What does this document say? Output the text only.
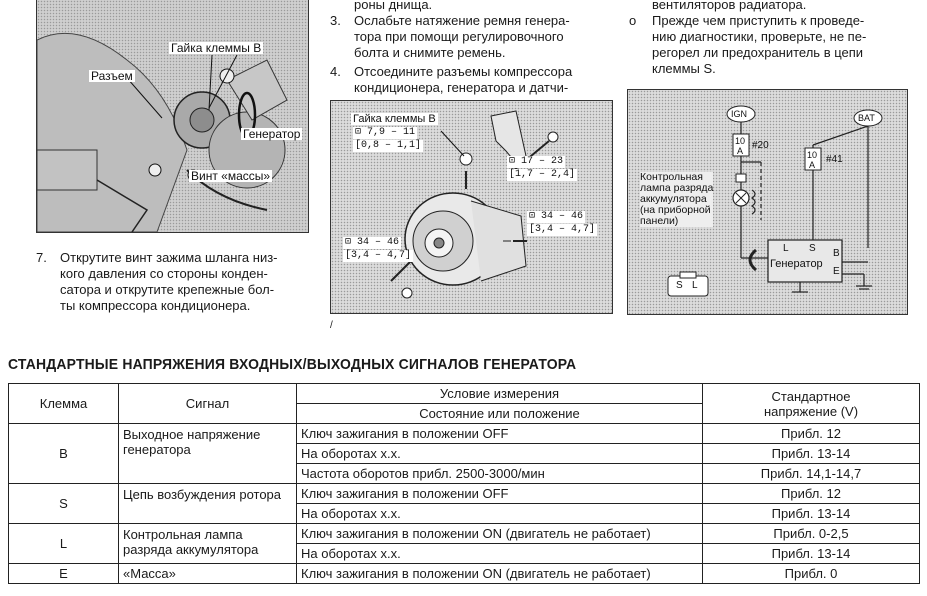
Гайка клеммы B
Разъем
Генератор
Винт «массы»
7. Открутите винт зажима шланга низ-
кого давления со стороны конден-
сатора и открутите крепежные бол-
ты компрессора кондиционера.
роны днища.
3. Ослабьте натяжение ремня генера-
тора при помощи регулировочного
болта и снимите ремень.
4. Отсоедините разъемы компрессора
кондиционера, генератора и датчи-
Гайка клеммы B
⊡ 7,9 – 11
[0,8 – 1,1]
⊡ 17 – 23
[1,7 – 2,4]
⊡ 34 – 46
[3,4 – 4,7]
⊡ 34 – 46
[3,4 – 4,7]
/
вентиляторов радиатора.
o Прежде чем приступить к проведе-
нию диагностики, проверьте, не пе-
регорел ли предохранитель в цепи
клеммы S.
IGN	BAT
10
A #20
10
A #41
Контрольная
лампа разряда
аккумулятора
(на приборной
панели)
L S B
E
Генератор
S L
СТАНДАРТНЫЕ НАПРЯЖЕНИЯ ВХОДНЫХ/ВЫХОДНЫХ СИГНАЛОВ ГЕНЕРАТОРА
Клемма	Сигнал	Условие измерения	Стандартное
напряжение (V)

		Состояние или положение	
B	Выходное напряжение генератора	Ключ зажигания в положении OFF	Прибл. 12
		На оборотах х.х.	Прибл. 13-14
		Частота оборотов прибл. 2500-3000/мин	Прибл. 14,1-14,7
S	Цепь возбуждения ротора	Ключ зажигания в положении OFF	Прибл. 12
		На оборотах х.х.	Прибл. 13-14
L	Контрольная лампа разряда аккумулятора	Ключ зажигания в положении ON (двигатель не работает)	Прибл. 0-2,5
		На оборотах х.х.	Прибл. 13-14
E	«Масса»	Ключ зажигания в положении ON (двигатель не работает)	Прибл. 0
